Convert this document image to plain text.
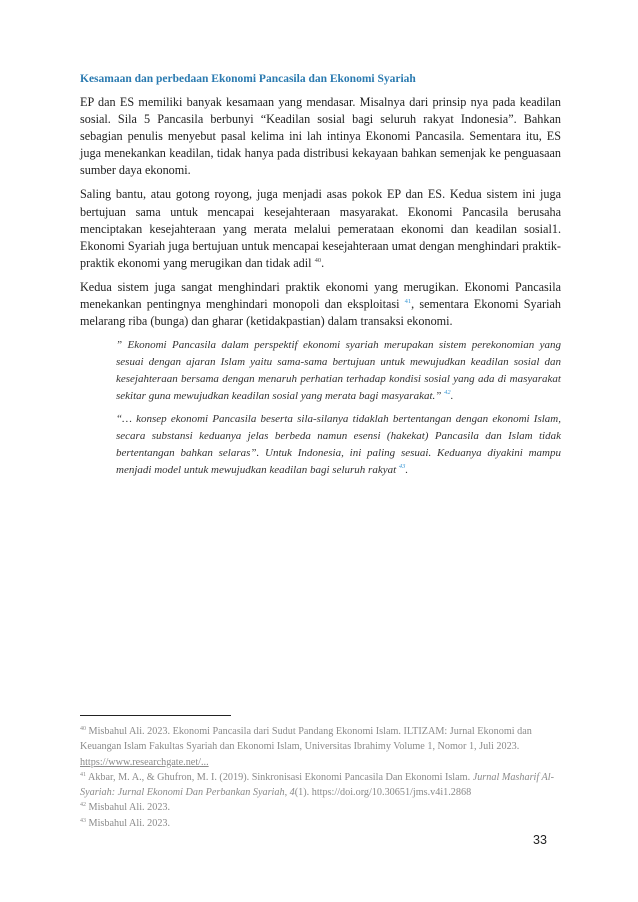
Kesamaan dan perbedaan Ekonomi Pancasila dan Ekonomi Syariah

EP dan ES memiliki banyak kesamaan yang mendasar. Misalnya dari prinsip nya pada keadilan sosial. Sila 5 Pancasila berbunyi “Keadilan sosial bagi seluruh rakyat Indonesia”. Bahkan sebagian penulis menyebut pasal kelima ini lah intinya Ekonomi Pancasila. Sementara itu, ES juga menekankan keadilan, tidak hanya pada distribusi kekayaan bahkan semenjak ke penguasaan sumber daya ekonomi.

Saling bantu, atau gotong royong, juga menjadi asas pokok EP dan ES. Kedua sistem ini juga bertujuan sama untuk mencapai kesejahteraan masyarakat. Ekonomi Pancasila berusaha menciptakan kesejahteraan yang merata melalui pemerataan ekonomi dan keadilan sosial1. Ekonomi Syariah juga bertujuan untuk mencapai kesejahteraan umat dengan menghindari praktik-praktik ekonomi yang merugikan dan tidak adil $^{40}$.

Kedua sistem juga sangat menghindari praktik ekonomi yang merugikan. Ekonomi Pancasila menekankan pentingnya menghindari monopoli dan eksploitasi $^{41}$, sementara Ekonomi Syariah melarang riba (bunga) dan gharar (ketidakpastian) dalam transaksi ekonomi.

” Ekonomi Pancasila dalam perspektif ekonomi syariah merupakan sistem perekonomian yang sesuai dengan ajaran Islam yaitu sama-sama bertujuan untuk mewujudkan keadilan sosial dan kesejahteraan bersama dengan menaruh perhatian terhadap kondisi sosial yang ada di masyarakat sekitar guna mewujudkan keadilan sosial yang merata bagi masyarakat.” $^{42}$.

“… konsep ekonomi Pancasila beserta sila-silanya tidaklah bertentangan dengan ekonomi Islam, secara substansi keduanya jelas berbeda namun esensi (hakekat) Pancasila dan Islam tidak bertentangan bahkan selaras”. Untuk Indonesia, ini paling sesuai. Keduanya diyakini mampu menjadi model untuk mewujudkan keadilan bagi seluruh rakyat $^{43}$.

$^{40}$ Misbahul Ali. 2023. Ekonomi Pancasila dari Sudut Pandang Ekonomi Islam. ILTIZAM: Jurnal Ekonomi dan Keuangan Islam Fakultas Syariah dan Ekonomi Islam, Universitas Ibrahimy Volume 1, Nomor 1, Juli 2023. https://www.researchgate.net/...

$^{41}$ Akbar, M. A., & Ghufron, M. I. (2019). Sinkronisasi Ekonomi Pancasila Dan Ekonomi Islam. Jurnal Masharif Al-Syariah: Jurnal Ekonomi Dan Perbankan Syariah, 4(1). https://doi.org/10.30651/jms.v4i1.2868

$^{42}$ Misbahul Ali. 2023.

$^{43}$ Misbahul Ali. 2023.

33
